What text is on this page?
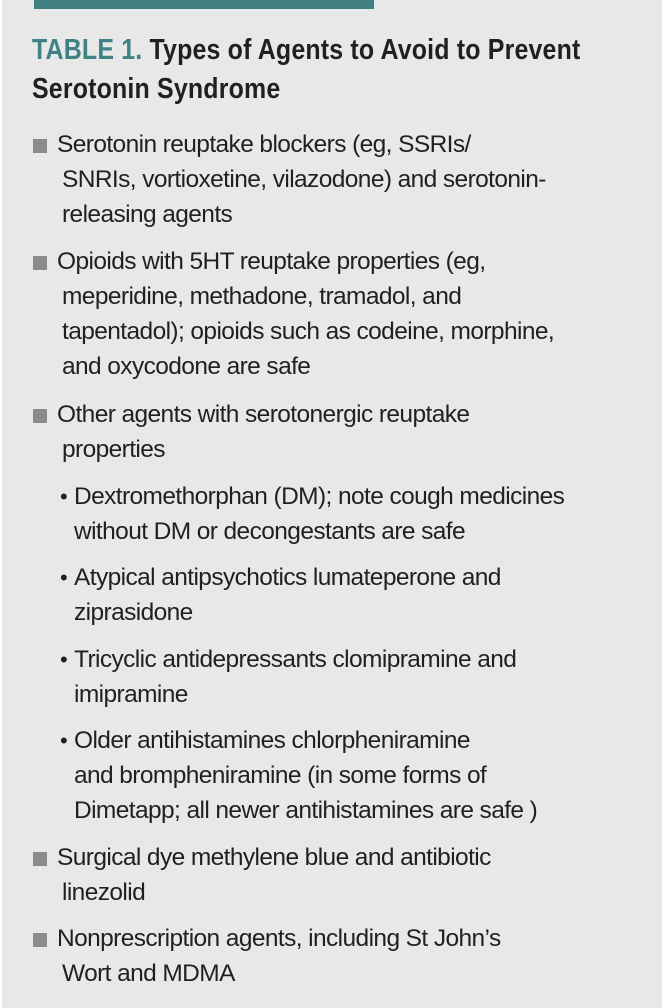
TABLE 1. Types of Agents to Avoid to Prevent
Serotonin Syndrome
Serotonin reuptake blockers (eg, SSRIs/
SNRIs, vortioxetine, vilazodone) and serotonin-
releasing agents
Opioids with 5HT reuptake properties (eg,
meperidine, methadone, tramadol, and
tapentadol); opioids such as codeine, morphine,
and oxycodone are safe
Other agents with serotonergic reuptake
properties
• Dextromethorphan (DM); note cough medicines
without DM or decongestants are safe
• Atypical antipsychotics lumateperone and
ziprasidone
• Tricyclic antidepressants clomipramine and
imipramine
• Older antihistamines chlorpheniramine
and brompheniramine (in some forms of
Dimetapp; all newer antihistamines are safe )
Surgical dye methylene blue and antibiotic
linezolid
Nonprescription agents, including St John’s
Wort and MDMA
